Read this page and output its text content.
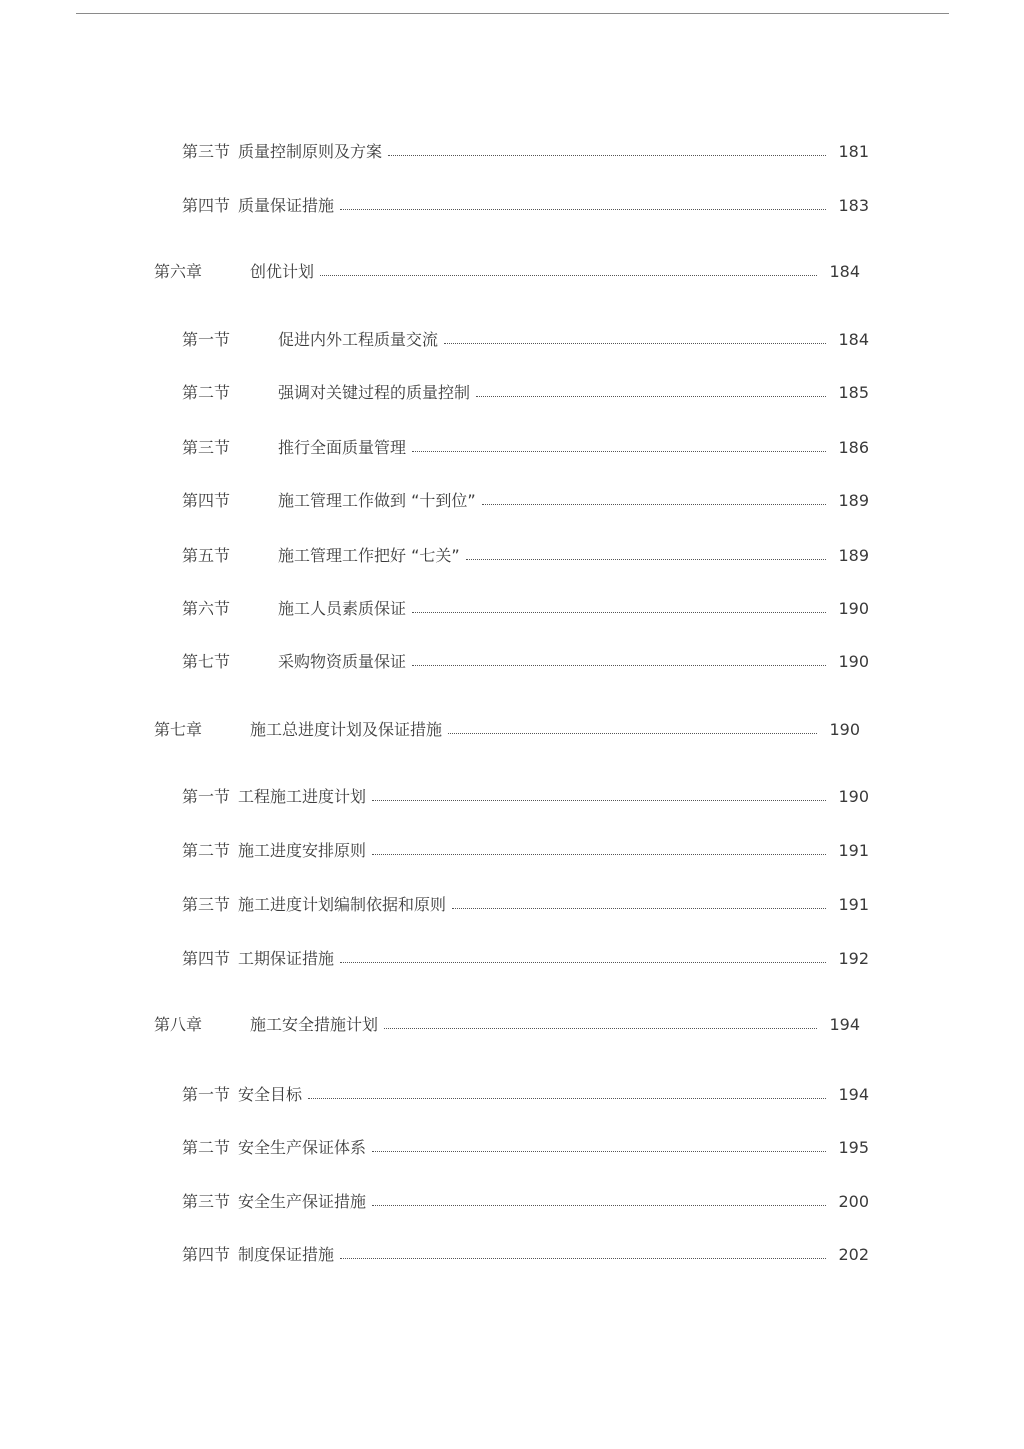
第三节 质量控制原则及方案	181
第四节 质量保证措施	183
第六章	创优计划	184
第一节	促进内外工程质量交流	184
第二节	强调对关键过程的质量控制	185
第三节	推行全面质量管理	186
第四节	施工管理工作做到 “十到位”	189
第五节	施工管理工作把好 “七关”	189
第六节	施工人员素质保证	190
第七节	采购物资质量保证	190
第七章	施工总进度计划及保证措施	190
第一节 工程施工进度计划	190
第二节 施工进度安排原则	191
第三节 施工进度计划编制依据和原则	191
第四节 工期保证措施	192
第八章	施工安全措施计划	194
第一节 安全目标	194
第二节 安全生产保证体系	195
第三节 安全生产保证措施	200
第四节 制度保证措施	202
